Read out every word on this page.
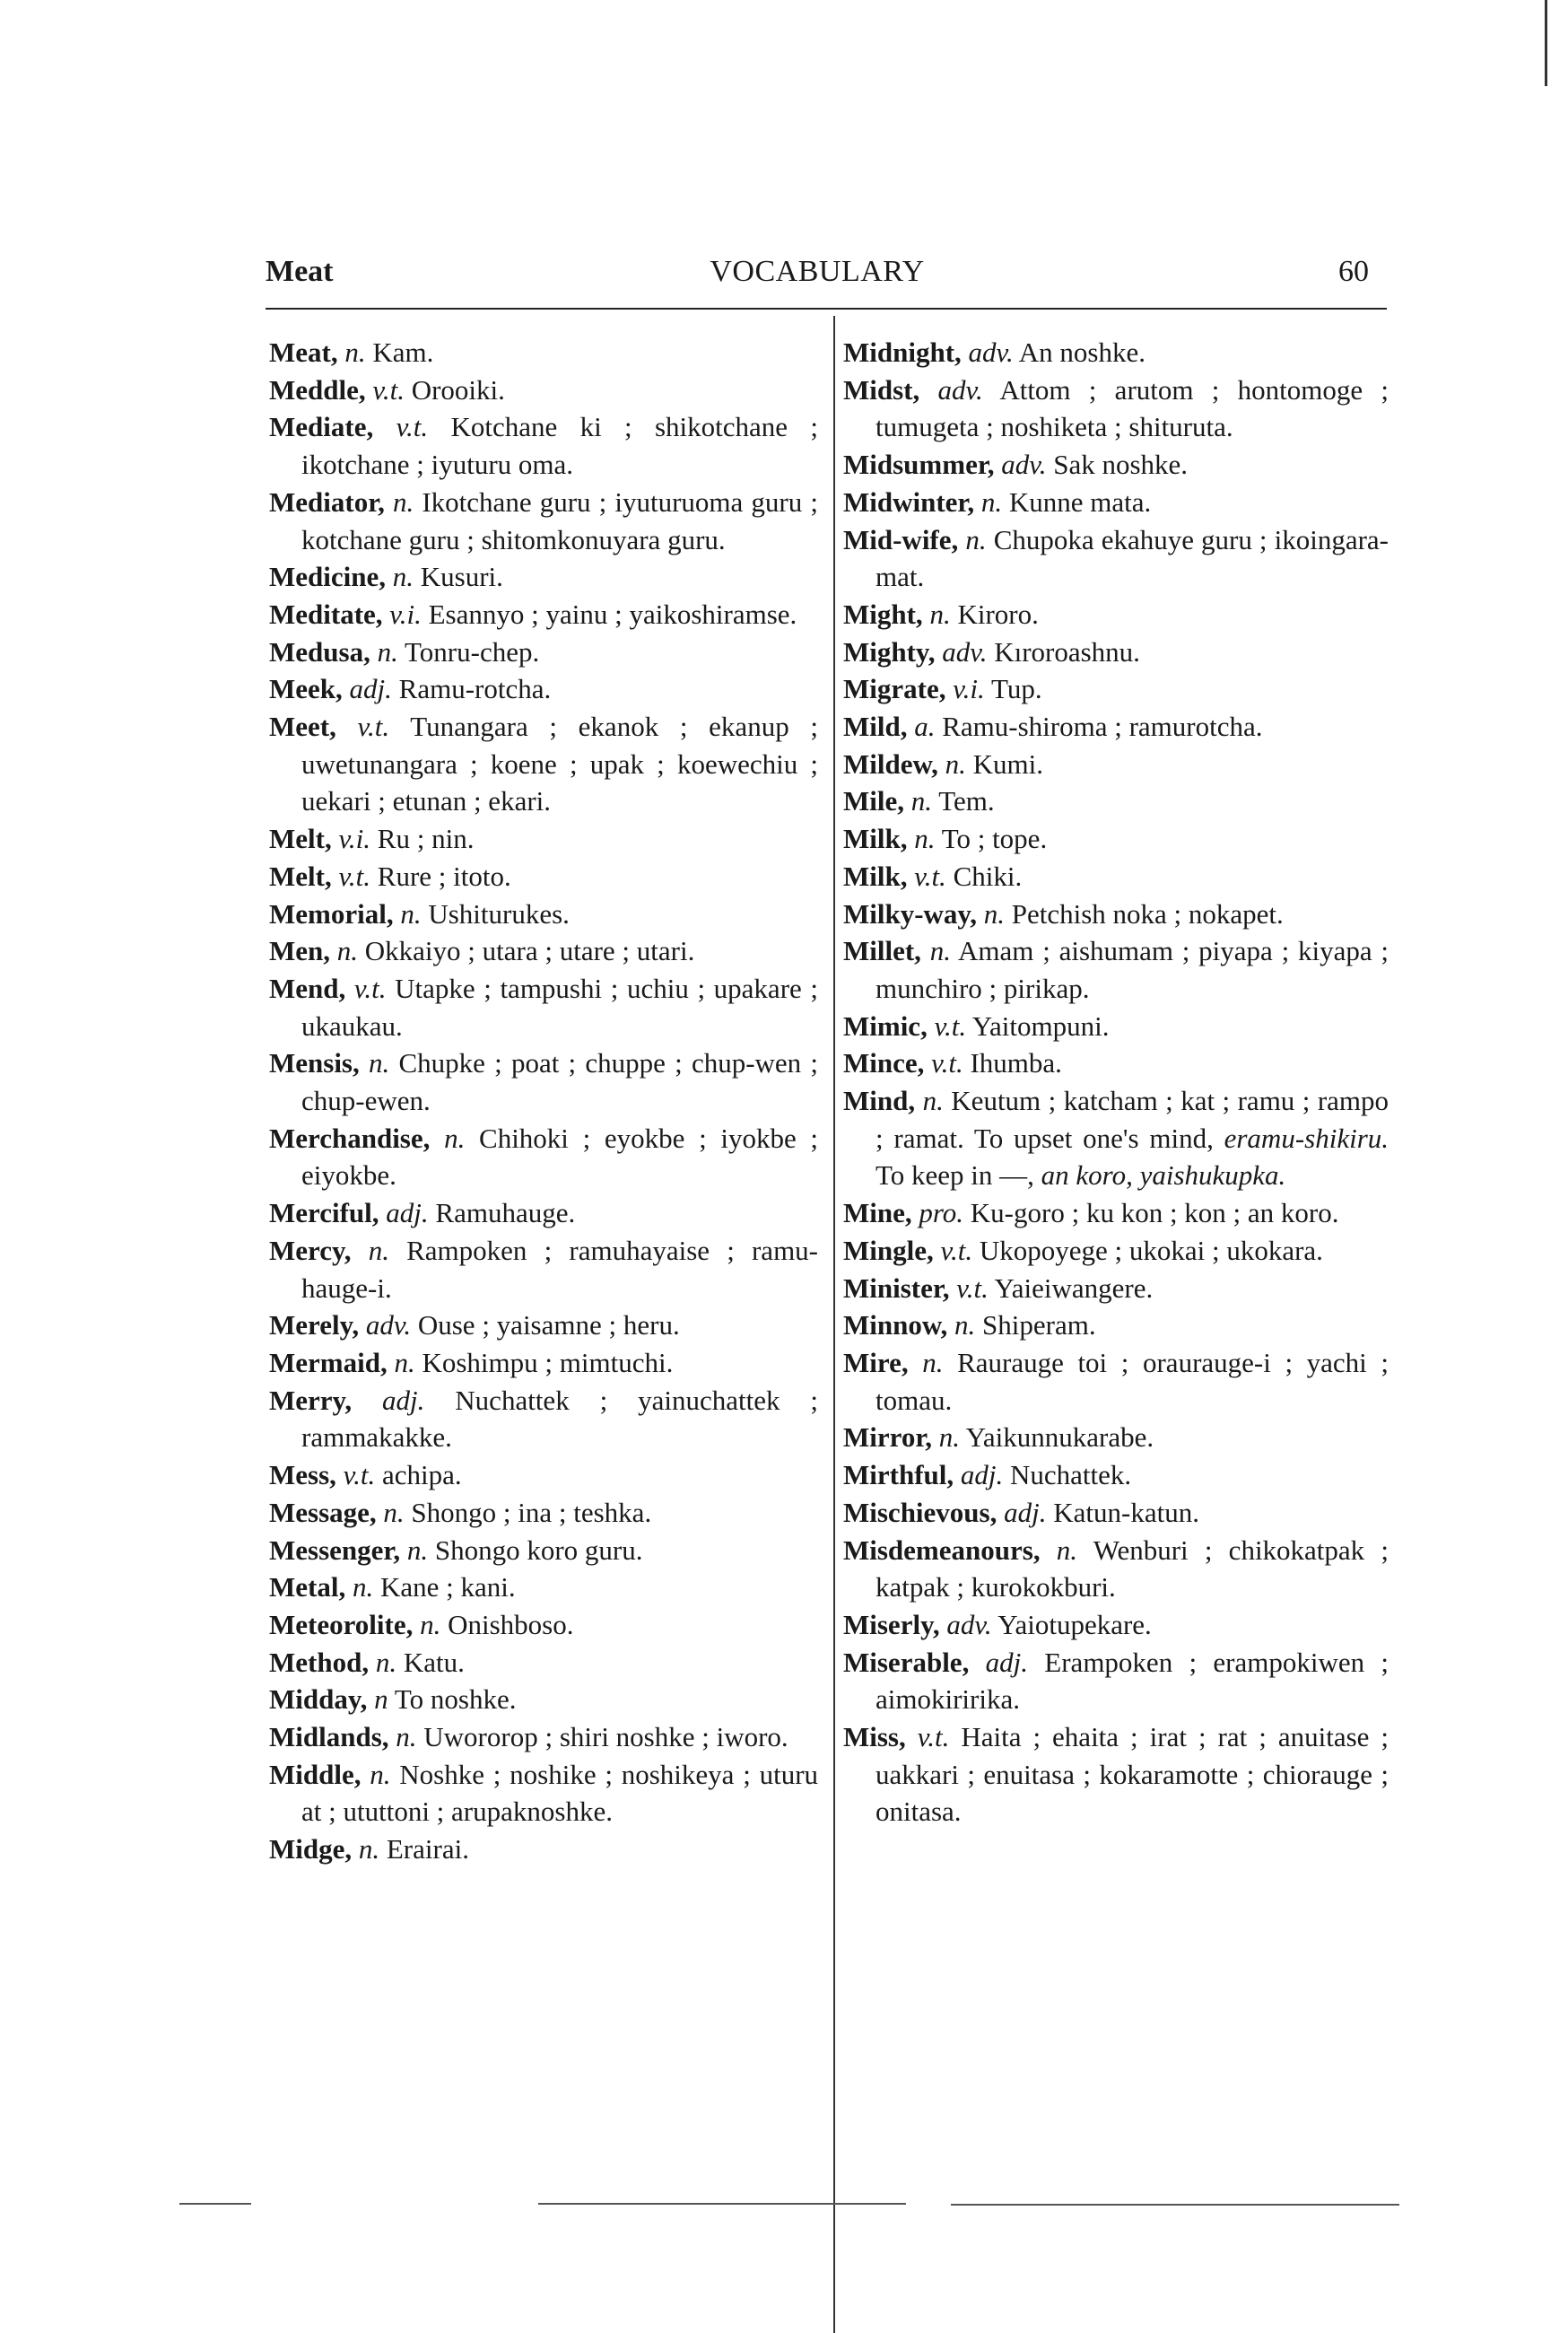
Meat	VOCABULARY	60

Meat, n. Kam.

Meddle, v.t. Orooiki.

Mediate, v.t. Kotchane ki ; shikotchane ; ikotchane ; iyuturu oma.

Mediator, n. Ikotchane guru ; iyuturuoma guru ; kotchane guru ; shitomkonuyara guru.

Medicine, n. Kusuri.

Meditate, v.i. Esannyo ; yainu ; yaikoshiramse.

Medusa, n. Tonru-chep.

Meek, adj. Ramu-rotcha.

Meet, v.t. Tunangara ; ekanok ; ekanup ; uwetunangara ; koene ; upak ; koewechiu ; uekari ; etunan ; ekari.

Melt, v.i. Ru ; nin.

Melt, v.t. Rure ; itoto.

Memorial, n. Ushiturukes.

Men, n. Okkaiyo ; utara ; utare ; utari.

Mend, v.t. Utapke ; tampushi ; uchiu ; upakare ; ukaukau.

Mensis, n. Chupke ; poat ; chuppe ; chup-wen ; chup-ewen.

Merchandise, n. Chihoki ; eyokbe ; iyokbe ; eiyokbe.

Merciful, adj. Ramuhauge.

Mercy, n. Rampoken ; ramuhayaise ; ramu-hauge-i.

Merely, adv. Ouse ; yaisamne ; heru.

Mermaid, n. Koshimpu ; mimtuchi.

Merry, adj. Nuchattek ; yainuchattek ; rammakakke.

Mess, v.t. achipa.

Message, n. Shongo ; ina ; teshka.

Messenger, n. Shongo koro guru.

Metal, n. Kane ; kani.

Meteorolite, n. Onishboso.

Method, n. Katu.

Midday, n To noshke.

Midlands, n. Uwororop ; shiri noshke ; iworo.

Middle, n. Noshke ; noshike ; noshikeya ; uturu at ; ututtoni ; arupaknoshke.

Midge, n. Erairai.

Midnight, adv. An noshke.

Midst, adv. Attom ; arutom ; hontomoge ; tumugeta ; noshiketa ; shituruta.

Midsummer, adv. Sak noshke.

Midwinter, n. Kunne mata.

Mid-wife, n. Chupoka ekahuye guru ; ikoingara-mat.

Might, n. Kiroro.

Mighty, adv. Kıroroashnu.

Migrate, v.i. Tup.

Mild, a. Ramu-shiroma ; ramurotcha.

Mildew, n. Kumi.

Mile, n. Tem.

Milk, n. To ; tope.

Milk, v.t. Chiki.

Milky-way, n. Petchish noka ; nokapet.

Millet, n. Amam ; aishumam ; piyapa ; kiyapa ; munchiro ; pirikap.

Mimic, v.t. Yaitompuni.

Mince, v.t. Ihumba.

Mind, n. Keutum ; katcham ; kat ; ramu ; rampo ; ramat. To upset one's mind, eramu-shikiru. To keep in —, an koro, yaishukupka.

Mine, pro. Ku-goro ; ku kon ; kon ; an koro.

Mingle, v.t. Ukopoyege ; ukokai ; ukokara.

Minister, v.t. Yaieiwangere.

Minnow, n. Shiperam.

Mire, n. Raurauge toi ; oraurauge-i ; yachi ; tomau.

Mirror, n. Yaikunnukarabe.

Mirthful, adj. Nuchattek.

Mischievous, adj. Katun-katun.

Misdemeanours, n. Wenburi ; chikokatpak ; katpak ; kurokokburi.

Miserly, adv. Yaiotupekare.

Miserable, adj. Erampoken ; erampokiwen ; aimokiririka.

Miss, v.t. Haita ; ehaita ; irat ; rat ; anuitase ; uakkari ; enuitasa ; kokaramotte ; chiorauge ; onitasa.
